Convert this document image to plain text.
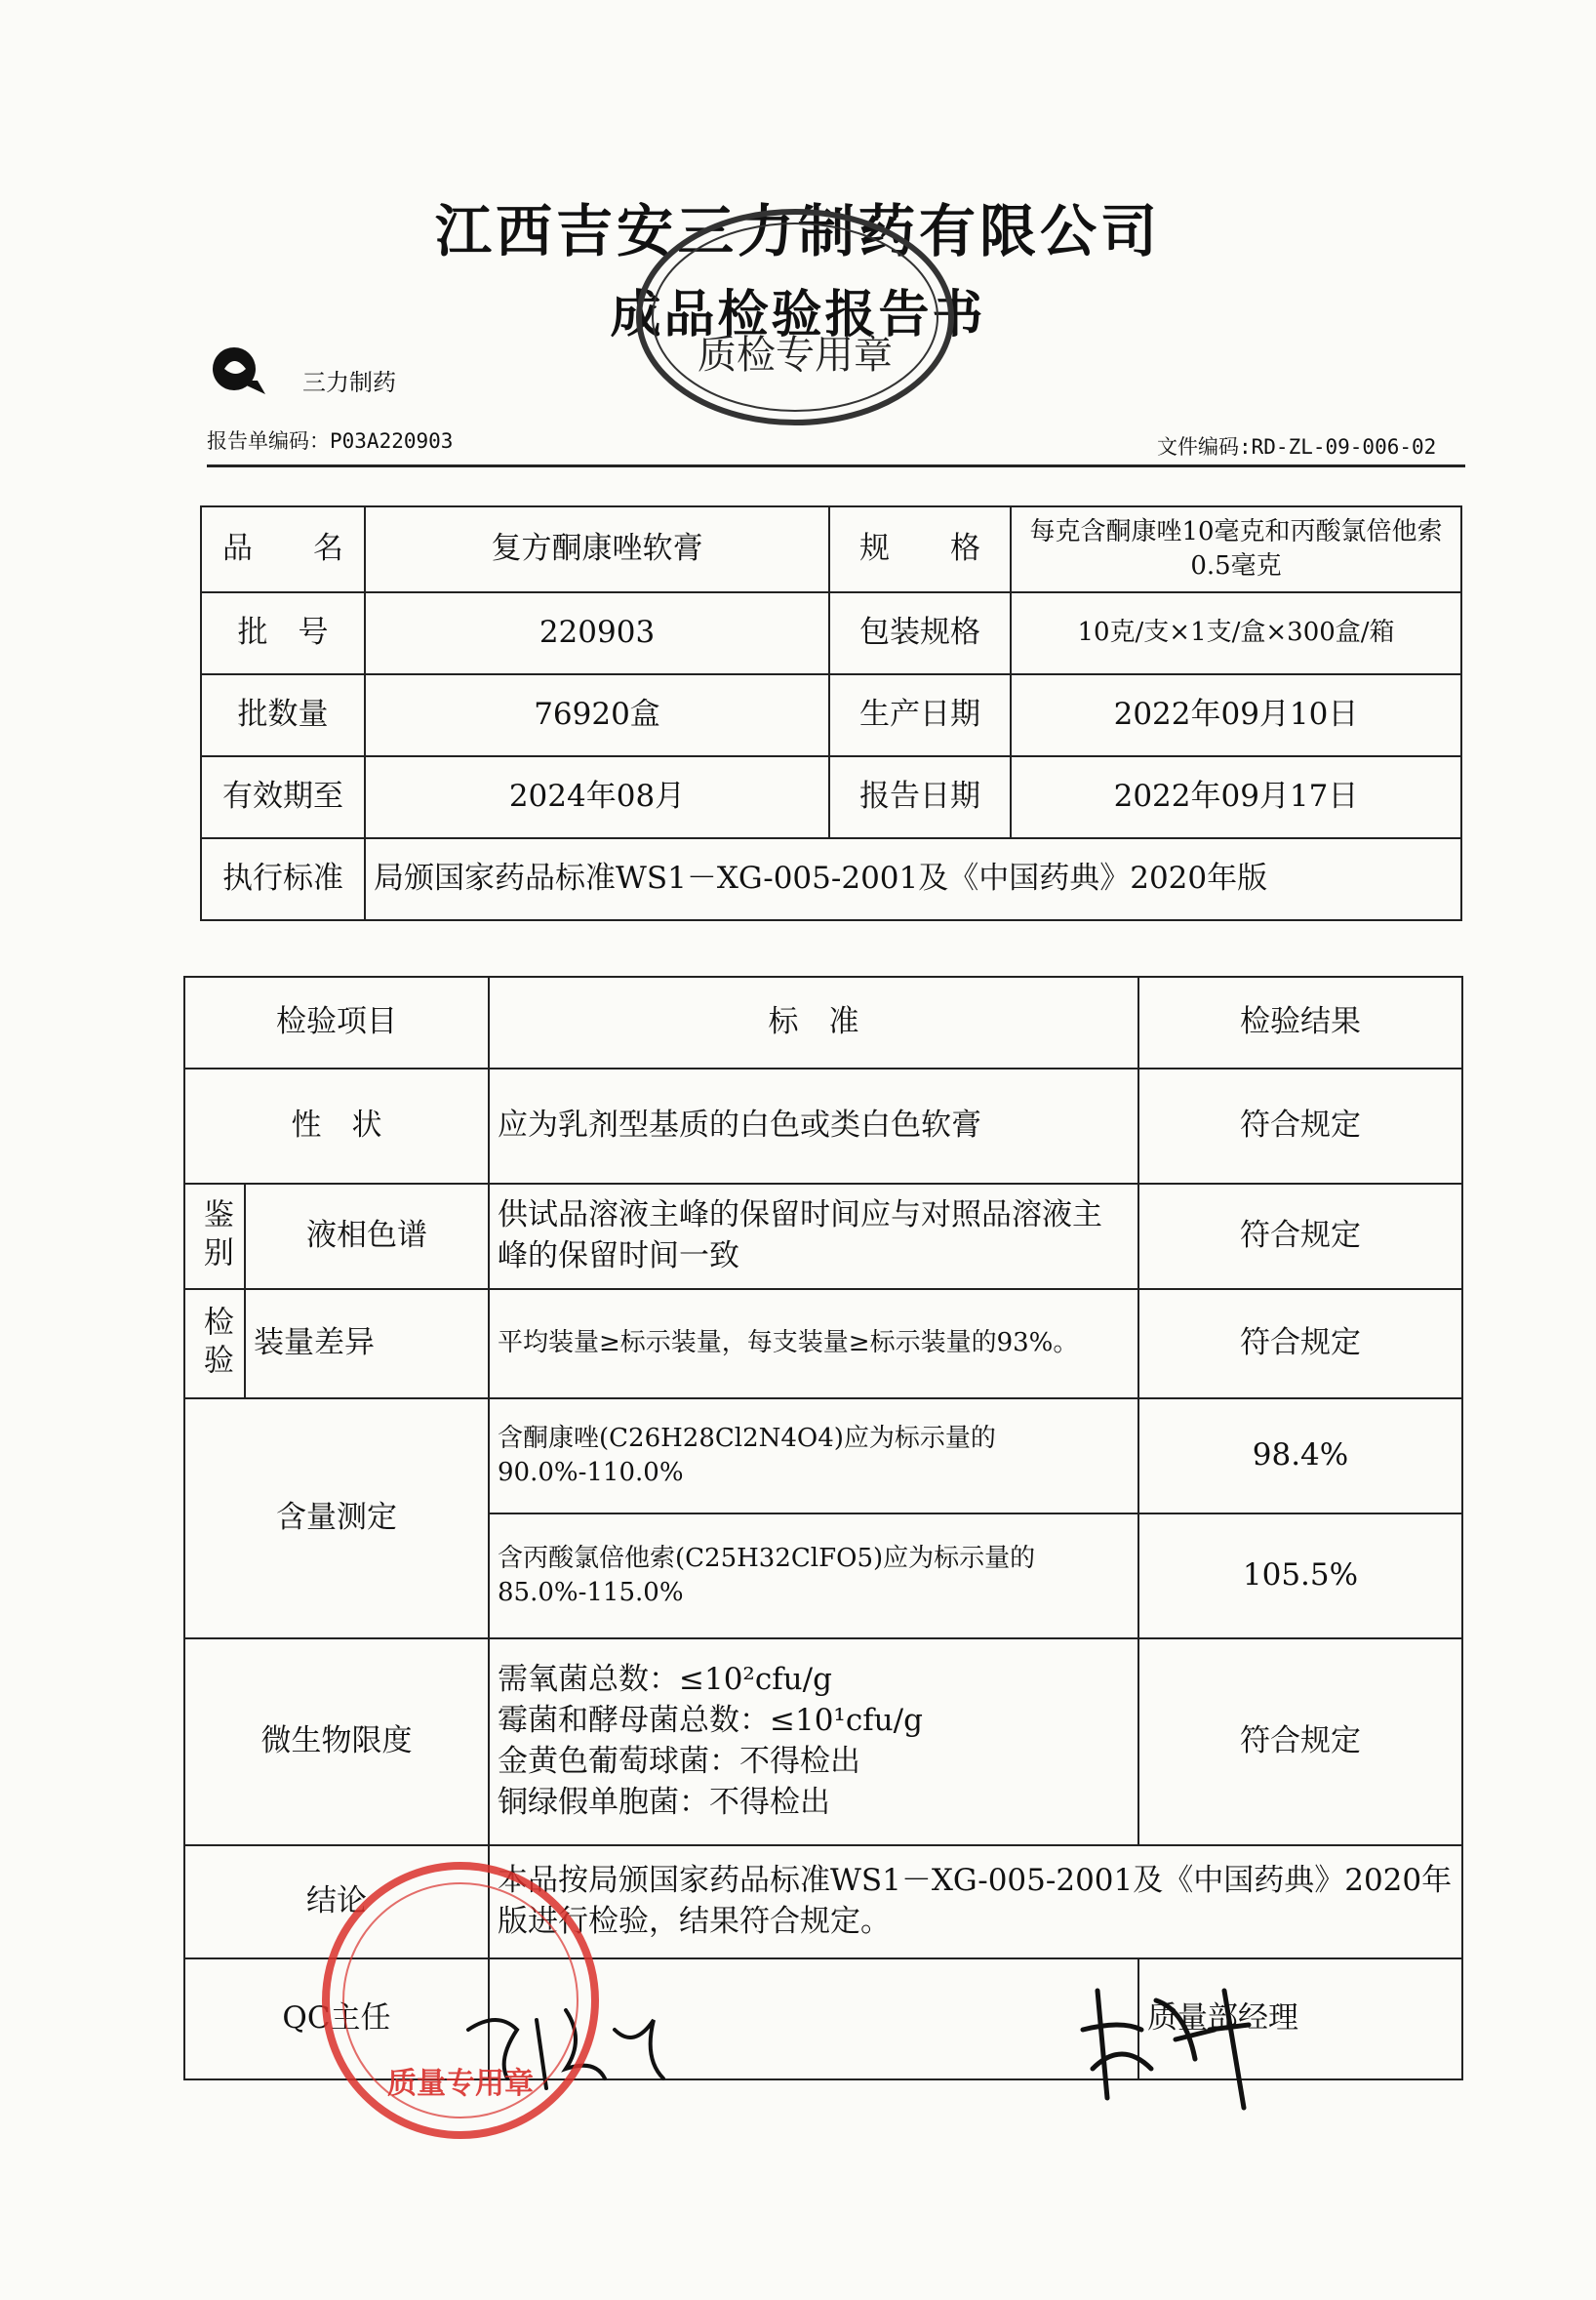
江西吉安三力制药有限公司
成品检验报告书
质检专用章
三力制药
报告单编码：P03A220903	文件编码:RD-ZL-09-006-02
品　　名	复方酮康唑软膏	规　　格	每克含酮康唑10毫克和丙酸氯倍他索0.5毫克
批　号	220903	包装规格	10克/支×1支/盒×300盒/箱
批数量	76920盒	生产日期	2022年09月10日
有效期至	2024年08月	报告日期	2022年09月17日
执行标准	局颁国家药品标准WS1－XG-005-2001及《中国药典》2020年版		
检验项目		标　准	检验结果
性　状		应为乳剂型基质的白色或类白色软膏	符合规定
鉴别	液相色谱	供试品溶液主峰的保留时间应与对照品溶液主峰的保留时间一致	符合规定
检验	装量差异	平均装量≥标示装量，每支装量≥标示装量的93%。	符合规定
含量测定		含酮康唑(C26H28Cl2N4O4)应为标示量的90.0%-110.0%	98.4%
		含丙酸氯倍他索(C25H32ClFO5)应为标示量的85.0%-115.0%	105.5%
微生物限度		需氧菌总数：≤10²cfu/g
霉菌和酵母菌总数：≤10¹cfu/g
金黄色葡萄球菌：不得检出
铜绿假单胞菌：不得检出	符合规定
结论		本品按局颁国家药品标准WS1－XG-005-2001及《中国药典》2020年版进行检验，结果符合规定。	
QC主任			质量部经理
质量专用章
